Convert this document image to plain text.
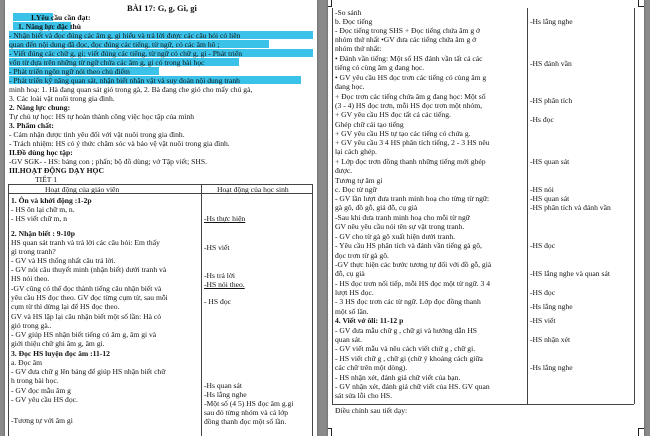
BÀI 17: G, g, Gi, gi
I.Yêu cầu cần đạt:
1. Năng lực đặc thù
- Nhận biết và đọc đúng các âm g, gi hiểu và trả lời được các câu hỏi có liên
quan đến nội dung đã đọc, đọc đúng các tiếng, từ ngữ, có các âm hô ;
- Viết đúng các chữ g, gi; viết đúng các tiếng, từ ngữ có chữ g, gi - Phát triển
vốn từ dựa trên những từ ngữ chứa các âm g, gi có trong bài học
- Phát triển ngôn ngữ nói theo chủ điểm
- Phát triển kỹ năng quan sát, nhận biết nhân vật và suy đoán nội dung tranh
minh hoạ: 1. Hà đang quan sát gió trong gà, 2. Bà đang che gió cho mấy chú gà,
3. Các loài vật nuôi trong gia đình.
2. Năng lực chung:
Tự chủ tự học: HS tự hoàn thành công việc học tập của mình
3. Phẩm chất:
- Cảm nhận được tình yêu đối với vật nuôi trong gia đình.
- Trách nhiệm: HS có ý thức chăm sóc và bảo vệ vật nuôi trong gia đình.
II.Đồ dùng học tập:
-GV SGK- - HS: bảng con ; phấn; bộ đồ dùng; vở Tập viết; SHS.
III.HOẠT ĐỘNG DẠY HỌC
TIẾT 1
Hoạt động của giáo viên	Hoạt động của học sinh
1. Ôn và khởi động :1-2p
- HS ôn lại chữ m, n.
- HS viết chữ m, n
2. Nhận biết : 9-10p
HS quan sát tranh và trả lời các câu hỏi: Em thấy
gì trong tranh?
- GV và HS thống nhất câu trả lời.
- GV nói câu thuyết minh (nhận biết) dưới tranh và
HS nói theo.
-GV cũng có thể đọc thành tiếng câu nhận biết và
yêu cầu HS đọc theo. GV đọc từng cụm từ, sau mỗi
cụm từ thì dừng lại để HS đọc theo.
GV và HS lặp lại câu nhận biết một số lần: Hà có
giỏ trong gà..
- GV giúp HS nhận biết tiếng có âm g, âm gi và
giới thiệu chữ ghi âm g, âm gi.
3. Đọc HS luyện đọc âm :11-12
a. Đọc âm
- GV đưa chữ g lên bảng để giúp HS nhận biết chữ
h trong bài học.
- GV đọc mẫu âm g
- GV yêu cầu HS đọc.
-Tương tự với âm gi
-Hs thực hiện
-HS viết
-Hs trả lời
-HS nói theo.
- HS đọc
-Hs quan sát
-Hs lắng nghe
-Một số (4 5) HS đọc âm g.gi
sau đó từng nhóm và cả lớp
đồng thanh đọc một số lần.
-So sánh
b. Đọc tiếng
- Đọc tiếng trong SHS + Đọc tiếng chứa âm g ở
nhóm thứ nhất •GV đưa các tiếng chứa âm g ở
nhóm thứ nhất:
• Đánh vần tiếng: Một số HS đánh vần tất cả các
tiếng có cùng âm g đang học.
• GV yêu cầu HS đọc trơn các tiếng có cùng âm g
đang học.
+ Đọc trơn các tiếng chứa âm g đang học: Một số
(3 - 4) HS đọc trơn, mỗi HS đọc trơn một nhóm,
+ GV yêu cầu HS đọc tất cả các tiếng.
Ghép chữ cái tạo tiếng
+ GV yêu cầu HS tự tạo các tiếng có chứa g.
+ GV yêu cầu 3 4 HS phân tích tiếng, 2 - 3 HS nêu
lại cách ghép.
+ Lớp đọc trơn đồng thanh những tiếng mới ghép
được.
Tương tự âm gi
c. Đọc từ ngữ
- GV lần lượt đưa tranh minh hoạ cho từng từ ngữ:
gà gô, đồ gỗ, giá đỗ, cụ già
-Sau khi đưa tranh minh hoạ cho mỗi từ ngữ
GV nêu yêu cầu nói tên sự vật trong tranh.
- GV cho từ gà gô xuất hiện dưới tranh.
- Yêu cầu HS phân tích và đánh vần tiếng gà gô,
đọc trơn từ gà gô.
-GV thực hiện các bước tương tự đối với đồ gỗ, giá
đỗ, cụ già
- HS đọc trơn nối tiếp, mỗi HS đọc một từ ngữ. 3 4
lượt HS đọc.
- 3 HS đọc trơn các từ ngữ. Lớp đọc đồng thanh
một số lần.
4. Viết vở ôli: 11-12 p
- GV đưa mẫu chữ g , chữ gi và hướng dẫn HS
quan sát.
- GV viết mẫu và nêu cách viết chữ g , chữ gi.
- HS viết chữ g , chữ gi (chữ ý khoảng cách giữa
các chữ trên một dòng).
- HS nhận xét, đánh giá chữ viết của bạn.
- GV nhận xét, đánh giá chữ viết của HS. GV quan
sát sửa lỗi cho HS.
Điều chỉnh sau tiết dạy:
-Hs lắng nghe
-HS đánh vần
-HS phân tích
-Hs đọc
-HS quan sát
-HS nói
-HS quan sát
-HS phân tích và đánh vần
-HS đọc
-HS lắng nghe và quan sát
-HS đọc
-Hs lắng nghe
-HS viết
-HS nhận xét
-Hs lắng nghe
